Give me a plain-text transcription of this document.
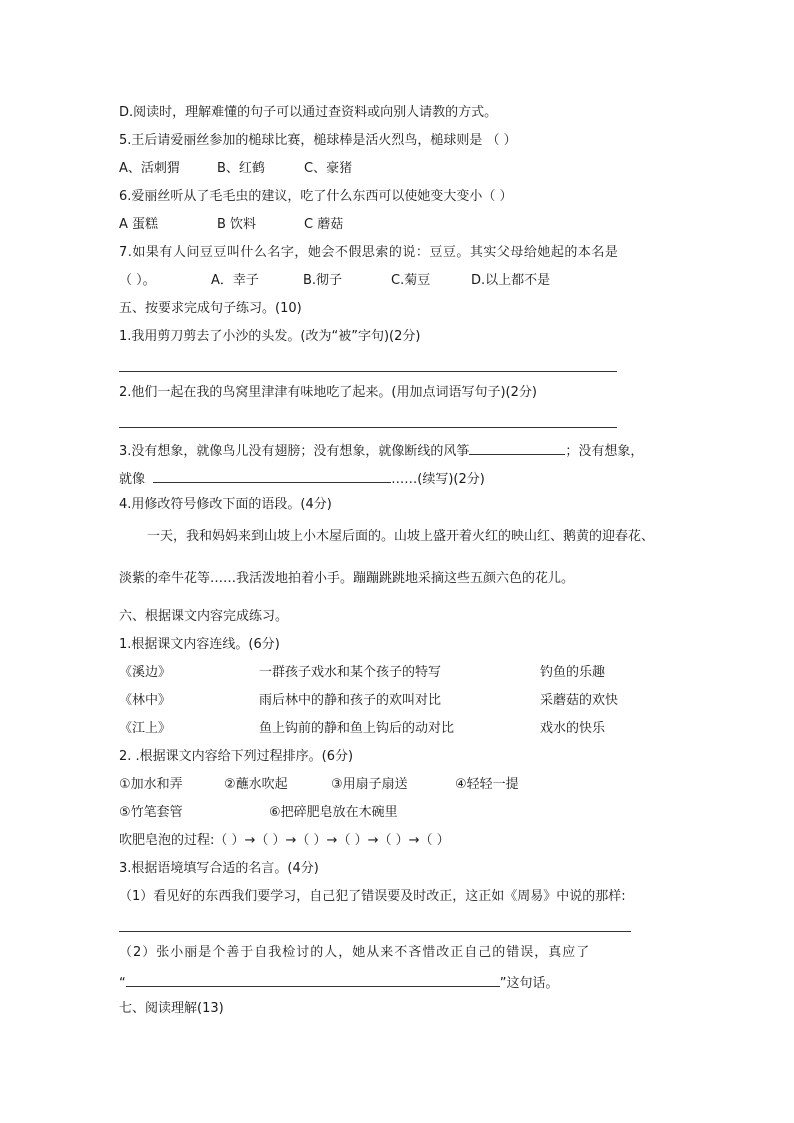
D.阅读时，理解难懂的句子可以通过查资料或向别人请教的方式。
5.王后请爱丽丝参加的槌球比赛，槌球棒是活火烈鸟，槌球则是 （ ）
A、活刺猬	B、红鹤	C、豪猪
6.爱丽丝听从了毛毛虫的建议，吃了什么东西可以使她变大变小（ ）
A 蛋糕	B 饮料	C 蘑菇
7.如果有人问豆豆叫什么名字，她会不假思索的说：豆豆。其实父母给她起的本名是
（ ）。	A．幸子	B.彻子	C.菊豆	D.以上都不是
五、按要求完成句子练习。(10)
1.我用剪刀剪去了小沙的头发。(改为“被”字句)(2分)
2.他们一起在我的鸟窝里津津有味地吃了起来。(用加点词语写句子)(2分)
3.没有想象，就像鸟儿没有翅膀；没有想象，就像断线的风筝	；没有想象，
就像	……(续写)(2分)
4.用修改符号修改下面的语段。(4分)
一天，我和妈妈来到山坡上小木屋后面的。山坡上盛开着火红的映山红、鹅黄的迎春花、
淡紫的牵牛花等……我活泼地拍着小手。蹦蹦跳跳地采摘这些五颜六色的花儿。
六、根据课文内容完成练习。
1.根据课文内容连线。(6分)
《溪边》	一群孩子戏水和某个孩子的特写	钓鱼的乐趣
《林中》	雨后林中的静和孩子的欢叫对比	采蘑菇的欢快
《江上》	鱼上钩前的静和鱼上钩后的动对比	戏水的快乐
2. .根据课文内容给下列过程排序。(6分)
①加水和弄	②蘸水吹起	③用扇子扇送	④轻轻一提
⑤竹笔套管	⑥把碎肥皂放在木碗里
吹肥皂泡的过程:（ ）→（ ）→（ ）→（ ）→（ ）→（ ）
3.根据语境填写合适的名言。(4分)
（1）看见好的东西我们要学习，自己犯了错误要及时改正，这正如《周易》中说的那样:
（2）张小丽是个善于自我检讨的人，她从来不吝惜改正自己的错误，真应了
“	”这句话。
七、阅读理解(13)
